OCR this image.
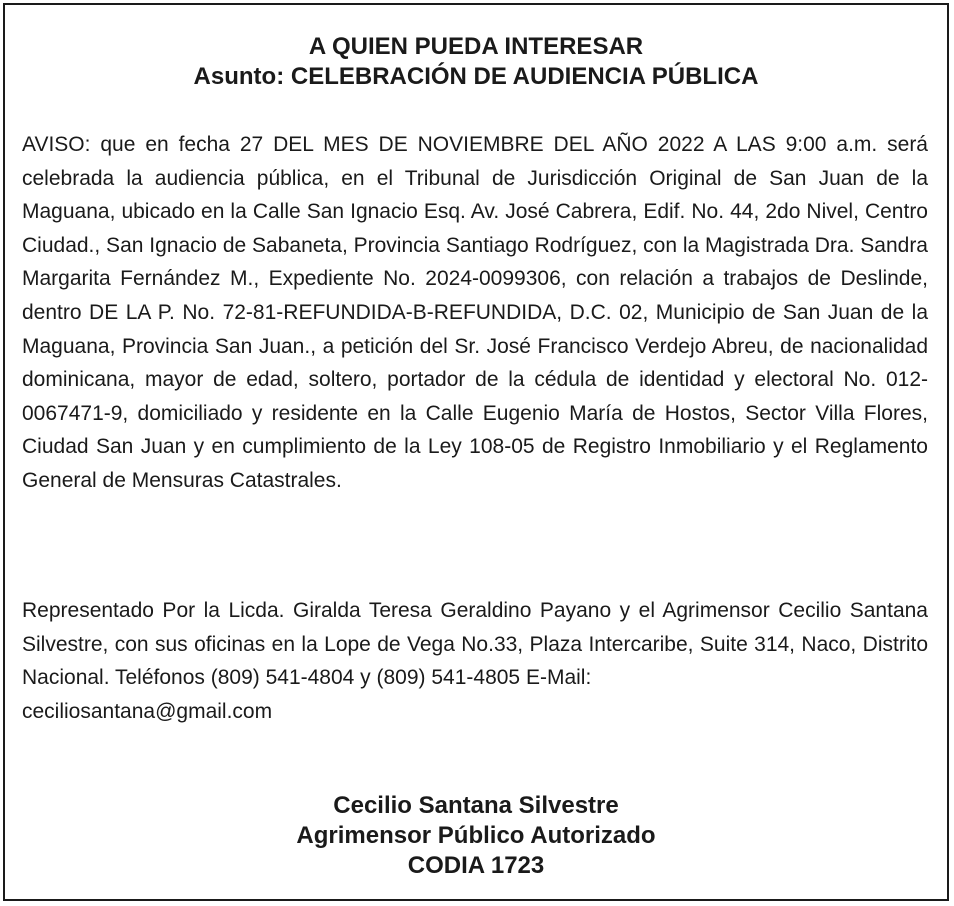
A QUIEN PUEDA INTERESAR

Asunto: CELEBRACIÓN DE AUDIENCIA PÚBLICA

AVISO: que en fecha 27 DEL MES DE NOVIEMBRE DEL AÑO 2022 A LAS 9:00 a.m. será celebrada la audiencia pública, en el Tribunal de Jurisdicción Original de San Juan de la Maguana, ubicado en la Calle San Ignacio Esq. Av. José Cabrera, Edif. No. 44, 2do Nivel, Centro Ciudad., San Ignacio de Sabaneta, Provincia Santiago Rodríguez, con la Magistrada Dra. Sandra Margarita Fernández M., Expediente No. 2024-0099306, con relación a trabajos de Deslinde, dentro DE LA P. No. 72-81-REFUNDIDA-B-REFUNDIDA, D.C. 02, Municipio de San Juan de la Maguana, Provincia San Juan., a petición del Sr. José Francisco Verdejo Abreu, de nacionalidad dominicana, mayor de edad, soltero, portador de la cédula de identidad y electoral No. 012-0067471-9, domiciliado y residente en la Calle Eugenio María de Hostos, Sector Villa Flores, Ciudad San Juan y en cumplimiento de la Ley 108-05 de Registro Inmobiliario y el Reglamento General de Mensuras Catastrales.

Representado Por la Licda. Giralda Teresa Geraldino Payano y el Agrimensor Cecilio Santana Silvestre, con sus oficinas en la Lope de Vega No.33, Plaza Intercaribe, Suite 314, Naco, Distrito Nacional. Teléfonos (809) 541-4804 y (809) 541-4805 E-Mail:
ceciliosantana@gmail.com

Cecilio Santana Silvestre

Agrimensor Público Autorizado

CODIA 1723
